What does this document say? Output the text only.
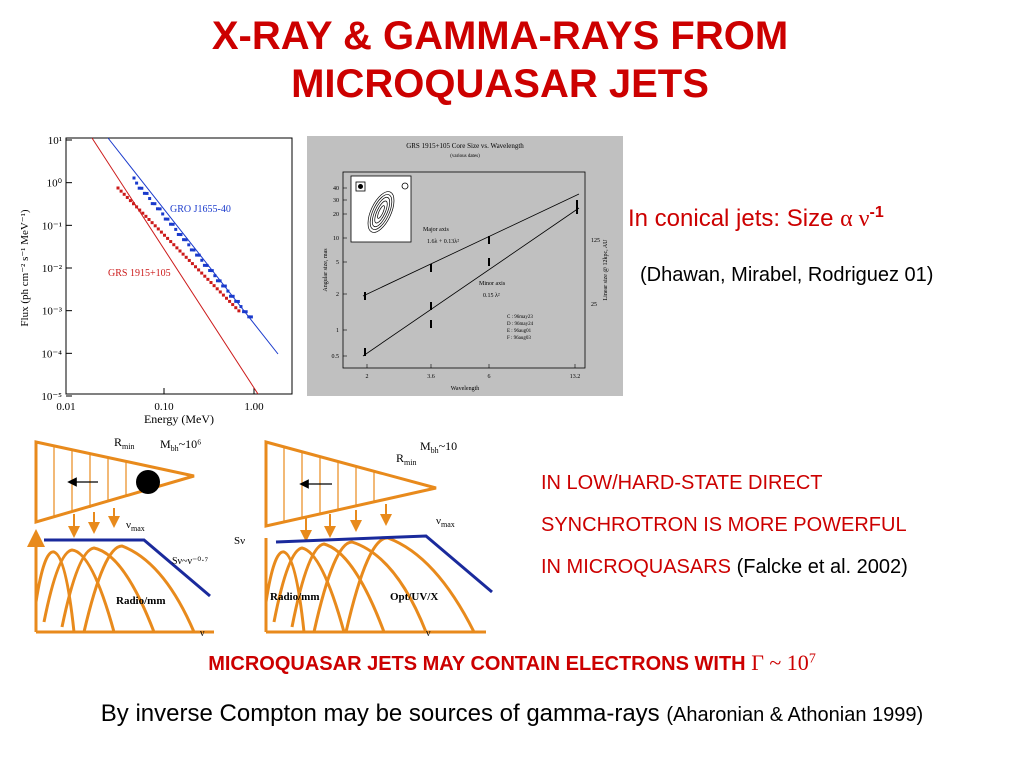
X-RAY & GAMMA-RAYS FROM
MICROQUASAR JETS
10¹
10⁰
10⁻¹
10⁻²
10⁻³
10⁻⁴
10⁻⁵
0.01	0.10	1.00
GRO J1655-40
GRS 1915+105
Flux (ph cm⁻² s⁻¹ MeV⁻¹)
Energy (MeV)
GRS 1915+105 Core Size vs. Wavelength
(various dates)
40
30
20
10
5
2
1
0.5
125
25
2	3.6	6	13.2
Major axis
1.6λ + 0.13λ²
Minor axis
0.15 λ²
C : 96may23
D : 96may24
E : 96aug01
F : 96aug03
Angular size, mas	Linear size @ 12kpc, AU
Wavelength
In conical jets: Size α $\nu^{-1}$
(Dhawan, Mirabel, Rodriguez 01)
$R_{min}$ $M_{bh}\sim 10^6$
$\nu_{max}$
Sν~ν⁻⁰·⁷
Radio/mm
ν
$R_{min}$
$M_{bh}\sim 10$
$\nu_{max}$
Sν
Radio/mm	Opt/UV/X
ν
IN LOW/HARD-STATE DIRECT
SYNCHROTRON IS MORE POWERFUL
IN MICROQUASARS (Falcke et al. 2002)
MICROQUASAR JETS MAY CONTAIN ELECTRONS WITH Γ ~ $10^7$
By inverse Compton may be sources of gamma-rays (Aharonian & Athonian 1999)
